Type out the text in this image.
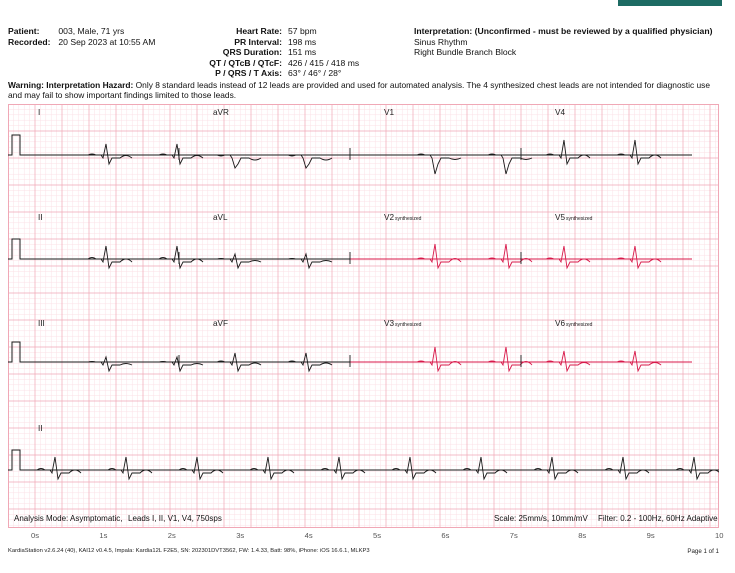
Patient: 003, Male, 71 yrs
Recorded: 20 Sep 2023 at 10:55 AM
Heart Rate: 57 bpm
PR Interval: 198 ms
QRS Duration: 151 ms
QT / QTcB / QTcF: 426 / 415 / 418 ms
P / QRS / T Axis: 63° / 46° / 28°
Interpretation: (Unconfirmed - must be reviewed by a qualified physician)
Sinus Rhythm
Right Bundle Branch Block
Warning: Interpretation Hazard: Only 8 standard leads instead of 12 leads are provided and used for automated analysis. The 4 synthesized chest leads are not intended for diagnostic use and may fail to show important findings limited to those leads.
I	aVR	V1	V4
II	aVL	V2 synthesized	V5 synthesized
III	aVF	V3 synthesized	V6 synthesized
II
Analysis Mode: Asymptomatic, Leads I, II, V1, V4, 750sps	Scale: 25mm/s, 10mm/mV Filter: 0.2 - 100Hz, 60Hz Adaptive
0s	1s	2s	3s	4s	5s	6s	7s	8s	9s	10
KardiaStation v2.6.24 (40), KAI12 v0.4.5, Impala: Kardia12L F2E5, SN: 202301DVT3562, FW: 1.4.33, Batt: 98%, iPhone: iOS 16.6.1, MLKP3	Page 1 of 1
